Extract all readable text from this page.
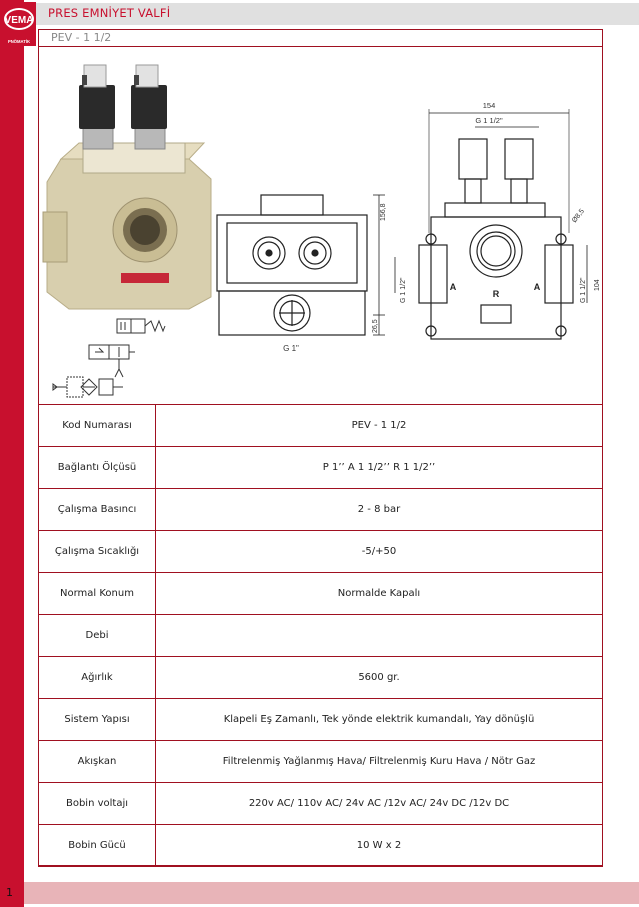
VEMA
PNÖMATİK
PRES EMNİYET VALFİ
PEV - 1 1/2
G 1"
156,8
26,5
154
G 1 1/2"
Ø8,5
G 1 1/2"	G 1 1/2" 104
A
R
A
Kod Numarası	PEV - 1 1/2
Bağlantı Ölçüsü	P 1’’ A 1 1/2’’ R 1 1/2’’
Çalışma Basıncı	2 - 8 bar
Çalışma Sıcaklığı	-5/+50
Normal Konum	Normalde Kapalı
Debi	
Ağırlık	5600 gr.
Sistem Yapısı	Klapeli Eş Zamanlı, Tek yönde elektrik kumandalı, Yay dönüşlü
Akışkan	Filtrelenmiş Yağlanmış Hava/ Filtrelenmiş Kuru Hava / Nötr Gaz
Bobin voltajı	220v AC/ 110v AC/ 24v AC /12v AC/ 24v DC /12v DC
Bobin Gücü	10 W x 2
1
